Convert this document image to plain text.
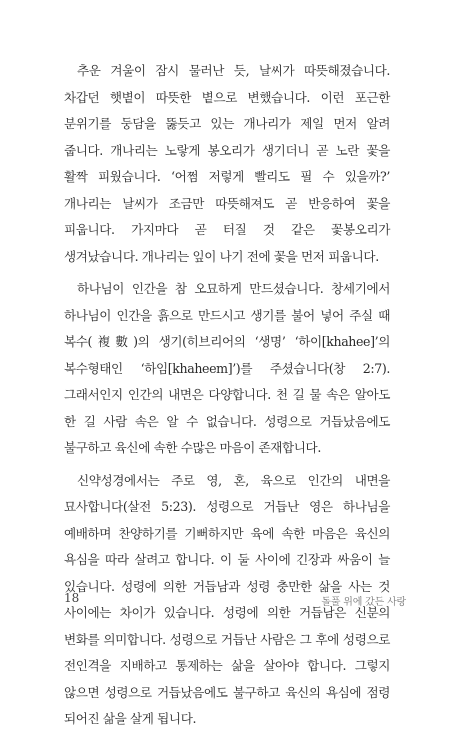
추운 겨울이 잠시 물러난 듯, 날씨가 따뜻해졌습니다. 차갑던 햇볕이 따뜻한 볕으로 변했습니다. 이런 포근한 분위기를 둥담을 뚫듯고 있는 개나리가 제일 먼저 알려 줍니다. 개나리는 노랗게 봉오리가 생기더니 곧 노란 꽃을 활짝 피웠습니다. ‘어쩜 저렇게 빨리도 필 수 있을까?’ 개나리는 날씨가 조금만 따뜻해져도 곧 반응하여 꽃을 피웁니다. 가지마다 곧 터질 것 같은 꽃봉오리가 생겨났습니다. 개나리는 잎이 나기 전에 꽃을 먼저 피웁니다.

하나님이 인간을 참 오묘하게 만드셨습니다. 창세기에서 하나님이 인간을 흙으로 만드시고 생기를 불어 넣어 주실 때 복수(複數)의 생기(히브리어의 ‘생명’ ‘하이[khahee]’의 복수형태인 ‘하임[khaheem]’)를 주셨습니다(창 2:7). 그래서인지 인간의 내면은 다양합니다. 천 길 물 속은 알아도 한 길 사람 속은 알 수 없습니다. 성령으로 거듭났음에도 불구하고 육신에 속한 수많은 마음이 존재합니다.

신약성경에서는 주로 영, 혼, 육으로 인간의 내면을 묘사합니다(살전 5:23). 성령으로 거듭난 영은 하나님을 예배하며 찬양하기를 기뻐하지만 육에 속한 마음은 육신의 욕심을 따라 살려고 합니다. 이 둘 사이에 긴장과 싸움이 늘 있습니다. 성령에 의한 거듭남과 성령 충만한 삶을 사는 것 사이에는 차이가 있습니다. 성령에 의한 거듭남은 신분의 변화를 의미합니다. 성령으로 거듭난 사람은 그 후에 성령으로 전인격을 지배하고 통제하는 삶을 살아야 합니다. 그렇지 않으면 성령으로 거듭났음에도 불구하고 육신의 욕심에 점령 되어진 삶을 살게 됩니다.

18	돌풀 위에 갔든 사랑
